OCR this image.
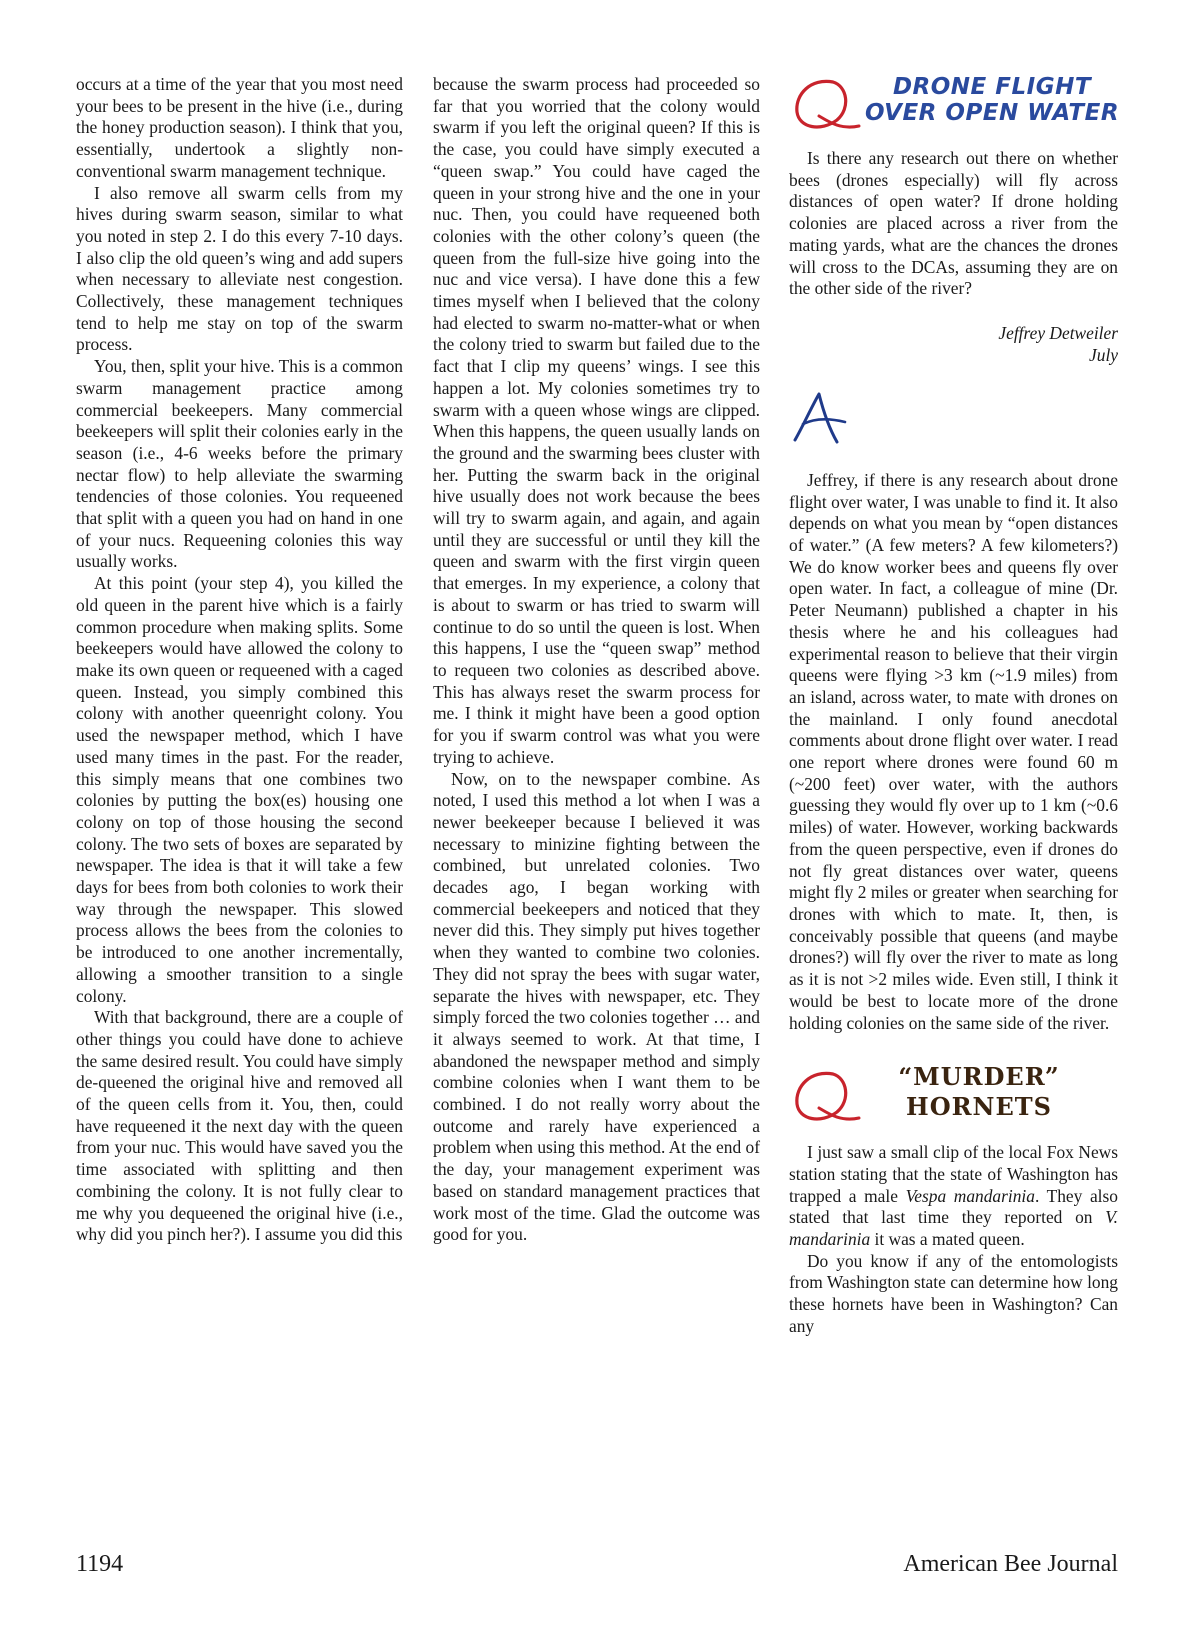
occurs at a time of the year that you most need your bees to be present in the hive (i.e., during the honey production season). I think that you, essentially, undertook a slightly non-conventional swarm management technique.

I also remove all swarm cells from my hives during swarm season, similar to what you noted in step 2. I do this every 7-10 days. I also clip the old queen’s wing and add supers when necessary to alleviate nest congestion. Collectively, these management techniques tend to help me stay on top of the swarm process.

You, then, split your hive. This is a common swarm management practice among commercial beekeepers. Many commercial beekeepers will split their colonies early in the season (i.e., 4-6 weeks before the primary nectar flow) to help alleviate the swarming tendencies of those colonies. You requeened that split with a queen you had on hand in one of your nucs. Requeening colonies this way usually works.

At this point (your step 4), you killed the old queen in the parent hive which is a fairly common procedure when making splits. Some beekeepers would have allowed the colony to make its own queen or requeened with a caged queen. Instead, you simply combined this colony with another queenright colony. You used the newspaper method, which I have used many times in the past. For the reader, this simply means that one combines two colonies by putting the box(es) housing one colony on top of those housing the second colony. The two sets of boxes are separated by newspaper. The idea is that it will take a few days for bees from both colonies to work their way through the newspaper. This slowed process allows the bees from the colonies to be introduced to one another incrementally, allowing a smoother transition to a single colony.

With that background, there are a couple of other things you could have done to achieve the same desired result. You could have simply de-queened the original hive and removed all of the queen cells from it. You, then, could have requeened it the next day with the queen from your nuc. This would have saved you the time associated with splitting and then combining the colony. It is not fully clear to me why you dequeened the original hive (i.e., why did you pinch her?). I assume you did this

because the swarm process had proceeded so far that you worried that the colony would swarm if you left the original queen? If this is the case, you could have simply executed a “queen swap.” You could have caged the queen in your strong hive and the one in your nuc. Then, you could have requeened both colonies with the other colony’s queen (the queen from the full-size hive going into the nuc and vice versa). I have done this a few times myself when I believed that the colony had elected to swarm no-matter-what or when the colony tried to swarm but failed due to the fact that I clip my queens’ wings. I see this happen a lot. My colonies sometimes try to swarm with a queen whose wings are clipped. When this happens, the queen usually lands on the ground and the swarming bees cluster with her. Putting the swarm back in the original hive usually does not work because the bees will try to swarm again, and again, and again until they are successful or until they kill the queen and swarm with the first virgin queen that emerges. In my experience, a colony that is about to swarm or has tried to swarm will continue to do so until the queen is lost. When this happens, I use the “queen swap” method to requeen two colonies as described above. This has always reset the swarm process for me. I think it might have been a good option for you if swarm control was what you were trying to achieve.

Now, on to the newspaper combine. As noted, I used this method a lot when I was a newer beekeeper because I believed it was necessary to minizine fighting between the combined, but unrelated colonies. Two decades ago, I began working with commercial beekeepers and noticed that they never did this. They simply put hives together when they wanted to combine two colonies. They did not spray the bees with sugar water, separate the hives with newspaper, etc. They simply forced the two colonies together … and it always seemed to work. At that time, I abandoned the newspaper method and simply combine colonies when I want them to be combined. I do not really worry about the outcome and rarely have experienced a problem when using this method. At the end of the day, your management experiment was based on standard management practices that work most of the time. Glad the outcome was good for you.

DRONE FLIGHT
OVER OPEN WATER

Is there any research out there on whether bees (drones especially) will fly across distances of open water? If drone holding colonies are placed across a river from the mating yards, what are the chances the drones will cross to the DCAs, assuming they are on the other side of the river?

Jeffrey Detweiler
July

Jeffrey, if there is any research about drone flight over water, I was unable to find it. It also depends on what you mean by “open distances of water.” (A few meters? A few kilometers?) We do know worker bees and queens fly over open water. In fact, a colleague of mine (Dr. Peter Neumann) published a chapter in his thesis where he and his colleagues had experimental reason to believe that their virgin queens were flying >3 km (~1.9 miles) from an island, across water, to mate with drones on the mainland. I only found anecdotal comments about drone flight over water. I read one report where drones were found 60 m (~200 feet) over water, with the authors guessing they would fly over up to 1 km (~0.6 miles) of water. However, working backwards from the queen perspective, even if drones do not fly great distances over water, queens might fly 2 miles or greater when searching for drones with which to mate. It, then, is conceivably possible that queens (and maybe drones?) will fly over the river to mate as long as it is not >2 miles wide. Even still, I think it would be best to locate more of the drone holding colonies on the same side of the river.

“MURDER”
HORNETS

I just saw a small clip of the local Fox News station stating that the state of Washington has trapped a male Vespa mandarinia. They also stated that last time they reported on V. mandarinia it was a mated queen.

Do you know if any of the entomologists from Washington state can determine how long these hornets have been in Washington? Can any

1194	American Bee Journal
